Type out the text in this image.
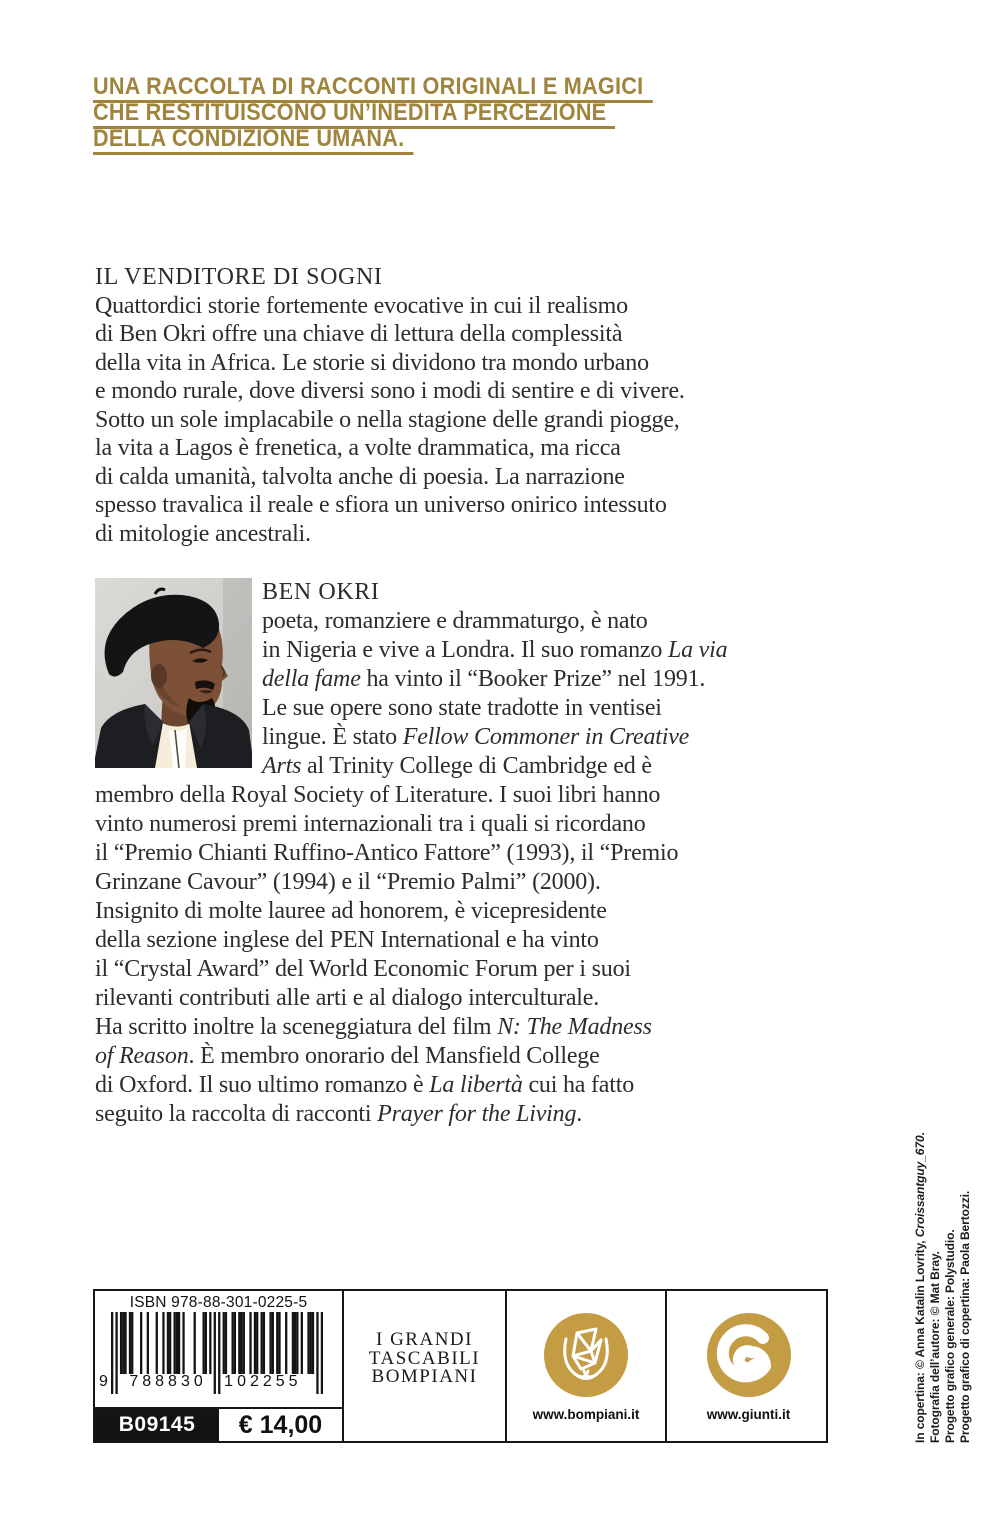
UNA RACCOLTA DI RACCONTI ORIGINALI E MAGICI
CHE RESTITUISCONO UN’INEDITA PERCEZIONE
DELLA CONDIZIONE UMANA.
IL VENDITORE DI SOGNI
Quattordici storie fortemente evocative in cui il realismo
di Ben Okri offre una chiave di lettura della complessità
della vita in Africa. Le storie si dividono tra mondo urbano
e mondo rurale, dove diversi sono i modi di sentire e di vivere.
Sotto un sole implacabile o nella stagione delle grandi piogge,
la vita a Lagos è frenetica, a volte drammatica, ma ricca
di calda umanità, talvolta anche di poesia. La narrazione
spesso travalica il reale e sfiora un universo onirico intessuto
di mitologie ancestrali.
BEN OKRI
poeta, romanziere e drammaturgo, è nato
in Nigeria e vive a Londra. Il suo romanzo La via
della fame ha vinto il “Booker Prize” nel 1991.
Le sue opere sono state tradotte in ventisei
lingue. È stato Fellow Commoner in Creative
Arts al Trinity College di Cambridge ed è
membro della Royal Society of Literature. I suoi libri hanno
vinto numerosi premi internazionali tra i quali si ricordano
il “Premio Chianti Ruffino-Antico Fattore” (1993), il “Premio
Grinzane Cavour” (1994) e il “Premio Palmi” (2000).
Insignito di molte lauree ad honorem, è vicepresidente
della sezione inglese del PEN International e ha vinto
il “Crystal Award” del World Economic Forum per i suoi
rilevanti contributi alle arti e al dialogo interculturale.
Ha scritto inoltre la sceneggiatura del film N: The Madness
of Reason. È membro onorario del Mansfield College
di Oxford. Il suo ultimo romanzo è La libertà cui ha fatto
seguito la raccolta di racconti Prayer for the Living.
In copertina: © Anna Katalin Lovrity, Croissantguy_670.
Fotografia dell’autore: © Mat Bray. Progetto grafico generale: Polystudio. Progetto grafico di copertina: Paola Bertozzi.
ISBN 978-88-301-0225-5
9 788830 102255
B09145	€ 14,00
I GRANDI
TASCABILI
BOMPIANI
www.bompiani.it	www.giunti.it
